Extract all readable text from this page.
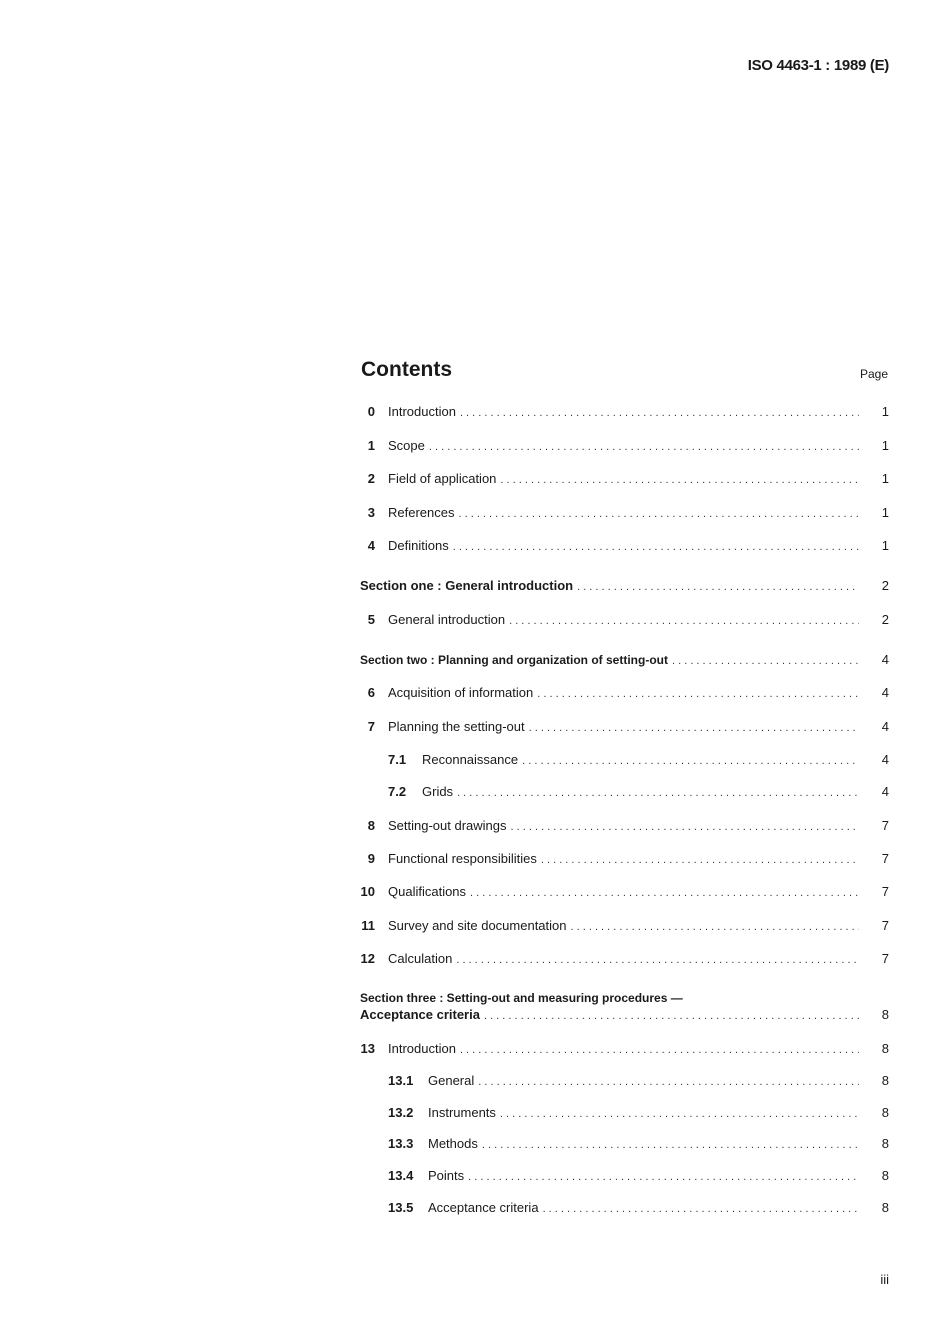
ISO 4463-1 : 1989 (E)
Contents	Page
0 Introduction . . .	1
1 Scope . . .	1
2 Field of application . . .	1
3 References . . .	1
4 Definitions . . .	1
Section one : General introduction . . .	2
5 General introduction . . .	2
Section two : Planning and organization of setting-out . . .	4
6 Acquisition of information . . .	4
7 Planning the setting-out . . .	4
7.1	Reconnaissance . . .	4
7.2	Grids . . .	4
8 Setting-out drawings . . .	7
9 Functional responsibilities . . .	7
10 Qualifications . . .	7
11 Survey and site documentation . . .	7
12 Calculation . . .	7
Section three : Setting-out and measuring procedures —
Acceptance criteria . . .	8
13 Introduction . . .	8
13.1	General . . .	8
13.2	Instruments . . .	8
13.3	Methods . . .	8
13.4	Points . . .	8
13.5	Acceptance criteria . . .	8
iii
